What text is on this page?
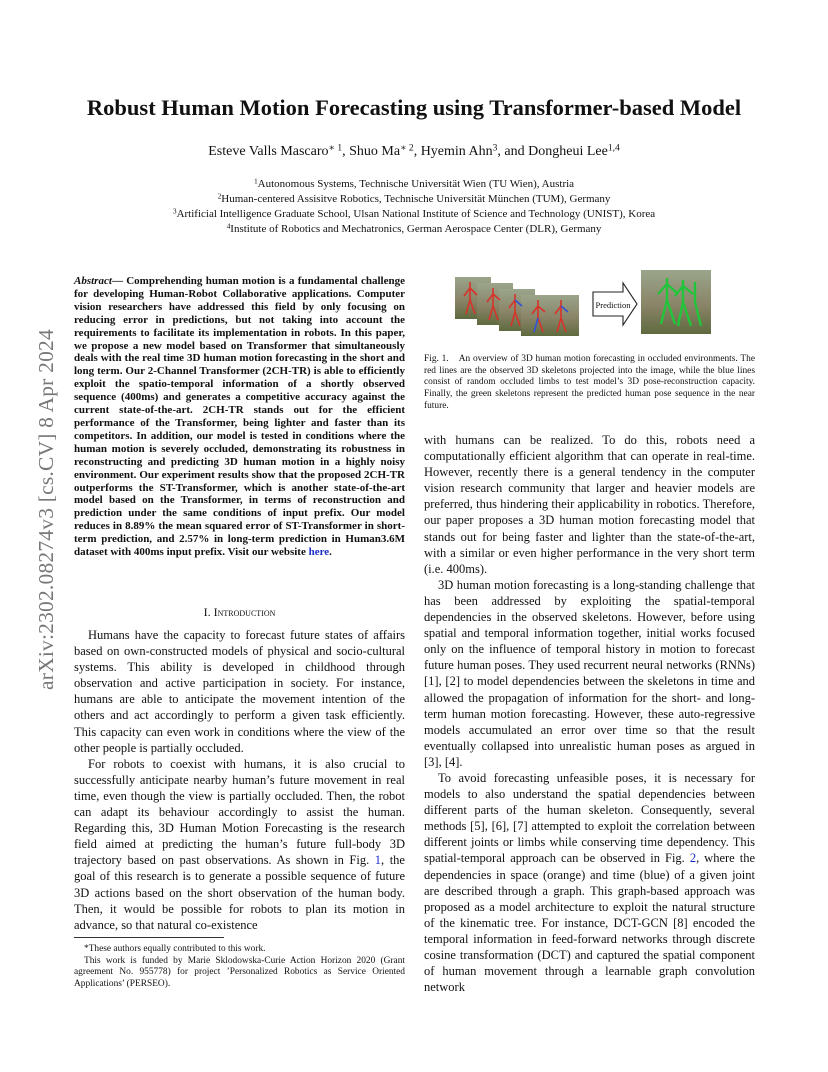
arXiv:2302.08274v3 [cs.CV] 8 Apr 2024
Robust Human Motion Forecasting using Transformer-based Model
Esteve Valls Mascaro$^{∗ 1}$, Shuo $Ma^{∗ 2}$, Hyemin Ahn$^3$, and Dongheui Lee$^{1,4}$
$^1$Autonomous Systems, Technische Universität Wien (TU Wien), Austria
$^2$Human-centered Assisitve Robotics, Technische Universität München (TUM), Germany
$^3$Artificial Intelligence Graduate School, Ulsan National Institute of Science and Technology (UNIST), Korea
$^4$Institute of Robotics and Mechatronics, German Aerospace Center (DLR), Germany
Abstract— Comprehending human motion is a fundamental challenge for developing Human-Robot Collaborative applications. Computer vision researchers have addressed this field by only focusing on reducing error in predictions, but not taking into account the requirements to facilitate its implementation in robots. In this paper, we propose a new model based on Transformer that simultaneously deals with the real time 3D human motion forecasting in the short and long term. Our 2-Channel Transformer (2CH-TR) is able to efficiently exploit the spatio-temporal information of a shortly observed sequence (400ms) and generates a competitive accuracy against the current state-of-the-art. 2CH-TR stands out for the efficient performance of the Transformer, being lighter and faster than its competitors. In addition, our model is tested in conditions where the human motion is severely occluded, demonstrating its robustness in reconstructing and predicting 3D human motion in a highly noisy environment. Our experiment results show that the proposed 2CH-TR outperforms the ST-Transformer, which is another state-of-the-art model based on the Transformer, in terms of reconstruction and prediction under the same conditions of input prefix. Our model reduces in 8.89% the mean squared error of ST-Transformer in short-term prediction, and 2.57% in long-term prediction in Human3.6M dataset with 400ms input prefix. Visit our website here.
I. Introduction

Humans have the capacity to forecast future states of affairs based on own-constructed models of physical and socio-cultural systems. This ability is developed in childhood through observation and active participation in society. For instance, humans are able to anticipate the movement intention of the others and act accordingly to perform a given task efficiently. This capacity can even work in conditions where the view of the other people is partially occluded.

For robots to coexist with humans, it is also crucial to successfully anticipate nearby human’s future movement in real time, even though the view is partially occluded. Then, the robot can adapt its behaviour accordingly to assist the human. Regarding this, 3D Human Motion Forecasting is the research field aimed at predicting the human’s future full-body 3D trajectory based on past observations. As shown in Fig. 1, the goal of this research is to generate a possible sequence of future 3D actions based on the short observation of the human body. Then, it would be possible for robots to plan its motion in advance, so that natural co-existence

*These authors equally contributed to this work.

This work is funded by Marie Sklodowska-Curie Action Horizon 2020 (Grant agreement No. 955778) for project ’Personalized Robotics as Service Oriented Applications’ (PERSEO).

Prediction
Fig. 1. An overview of 3D human motion forecasting in occluded environments. The red lines are the observed 3D skeletons projected into the image, while the blue lines consist of random occluded limbs to test model’s 3D pose-reconstruction capacity. Finally, the green skeletons represent the predicted human pose sequence in the near future.

with humans can be realized. To do this, robots need a computationally efficient algorithm that can operate in real-time. However, recently there is a general tendency in the computer vision research community that larger and heavier models are preferred, thus hindering their applicability in robotics. Therefore, our paper proposes a 3D human motion forecasting model that stands out for being faster and lighter than the state-of-the-art, with a similar or even higher performance in the very short term (i.e. 400ms).

3D human motion forecasting is a long-standing challenge that has been addressed by exploiting the spatial-temporal dependencies in the observed skeletons. However, before using spatial and temporal information together, initial works focused only on the influence of temporal history in motion to forecast future human poses. They used recurrent neural networks (RNNs) [1], [2] to model dependencies between the skeletons in time and allowed the propagation of information for the short- and long-term human motion forecasting. However, these auto-regressive models accumulated an error over time so that the result eventually collapsed into unrealistic human poses as argued in [3], [4].

To avoid forecasting unfeasible poses, it is necessary for models to also understand the spatial dependencies between different parts of the human skeleton. Consequently, several methods [5], [6], [7] attempted to exploit the correlation between different joints or limbs while conserving time dependency. This spatial-temporal approach can be observed in Fig. 2, where the dependencies in space (orange) and time (blue) of a given joint are described through a graph. This graph-based approach was proposed as a model architecture to exploit the natural structure of the kinematic tree. For instance, DCT-GCN [8] encoded the temporal information in feed-forward networks through discrete cosine transformation (DCT) and captured the spatial component of human movement through a learnable graph convolution network
